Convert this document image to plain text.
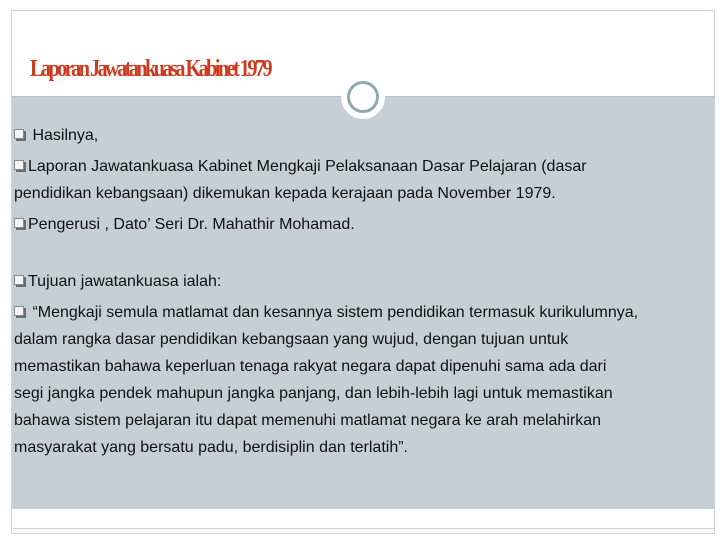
Laporan Jawatankuasa Kabinet 1979

Hasilnya,

Laporan Jawatankuasa Kabinet Mengkaji Pelaksanaan Dasar Pelajaran (dasar

pendidikan kebangsaan) dikemukan kepada kerajaan pada November 1979.

Pengerusi , Dato’ Seri Dr. Mahathir Mohamad.

Tujuan jawatankuasa ialah:

“Mengkaji semula matlamat dan kesannya sistem pendidikan termasuk kurikulumnya,

dalam rangka dasar pendidikan kebangsaan yang wujud, dengan tujuan untuk

memastikan bahawa keperluan tenaga rakyat negara dapat dipenuhi sama ada dari

segi jangka pendek mahupun jangka panjang, dan lebih-lebih lagi untuk memastikan

bahawa sistem pelajaran itu dapat memenuhi matlamat negara ke arah melahirkan

masyarakat yang bersatu padu, berdisiplin dan terlatih”.
